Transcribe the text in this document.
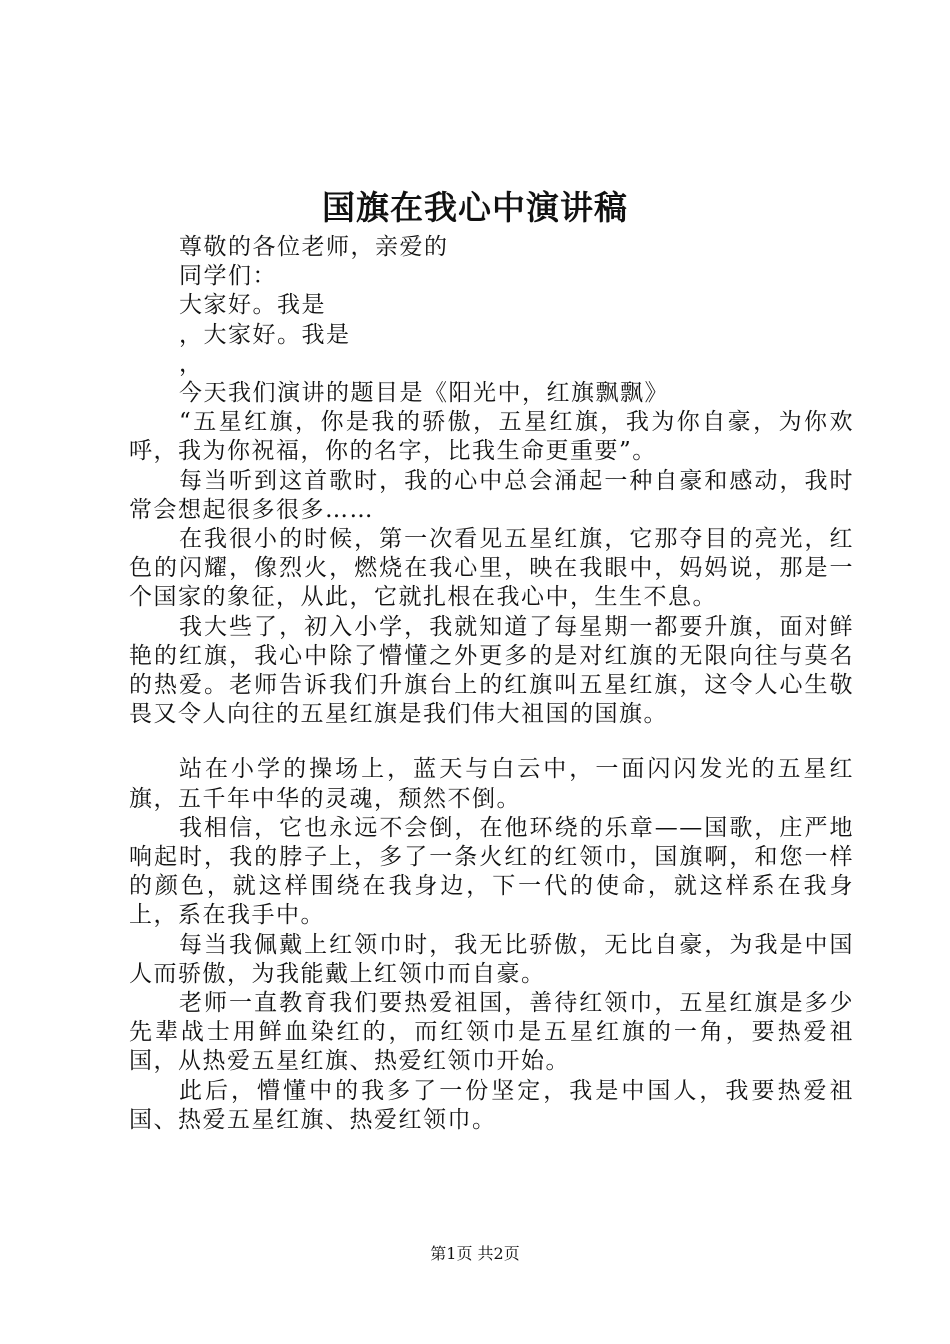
国旗在我心中演讲稿
尊敬的各位老师，亲爱的
同学们：
大家好。我是
，大家好。我是
，
今天我们演讲的题目是《阳光中，红旗飘飘》
“五星红旗，你是我的骄傲，五星红旗，我为你自豪，为你欢呼，我为你祝福，你的名字，比我生命更重要”。
每当听到这首歌时，我的心中总会涌起一种自豪和感动，我时常会想起很多很多……
在我很小的时候，第一次看见五星红旗，它那夺目的亮光，红色的闪耀，像烈火，燃烧在我心里，映在我眼中，妈妈说，那是一个国家的象征，从此，它就扎根在我心中，生生不息。
我大些了，初入小学，我就知道了每星期一都要升旗，面对鲜艳的红旗，我心中除了懵懂之外更多的是对红旗的无限向往与莫名的热爱。老师告诉我们升旗台上的红旗叫五星红旗，这令人心生敬畏又令人向往的五星红旗是我们伟大祖国的国旗。
站在小学的操场上，蓝天与白云中，一面闪闪发光的五星红旗，五千年中华的灵魂，颓然不倒。
我相信，它也永远不会倒，在他环绕的乐章——国歌，庄严地响起时，我的脖子上，多了一条火红的红领巾，国旗啊，和您一样的颜色，就这样围绕在我身边，下一代的使命，就这样系在我身上，系在我手中。
每当我佩戴上红领巾时，我无比骄傲，无比自豪，为我是中国人而骄傲，为我能戴上红领巾而自豪。
老师一直教育我们要热爱祖国，善待红领巾，五星红旗是多少先辈战士用鲜血染红的，而红领巾是五星红旗的一角，要热爱祖国，从热爱五星红旗、热爱红领巾开始。
此后，懵懂中的我多了一份坚定，我是中国人，我要热爱祖国、热爱五星红旗、热爱红领巾。
第1页 共2页
